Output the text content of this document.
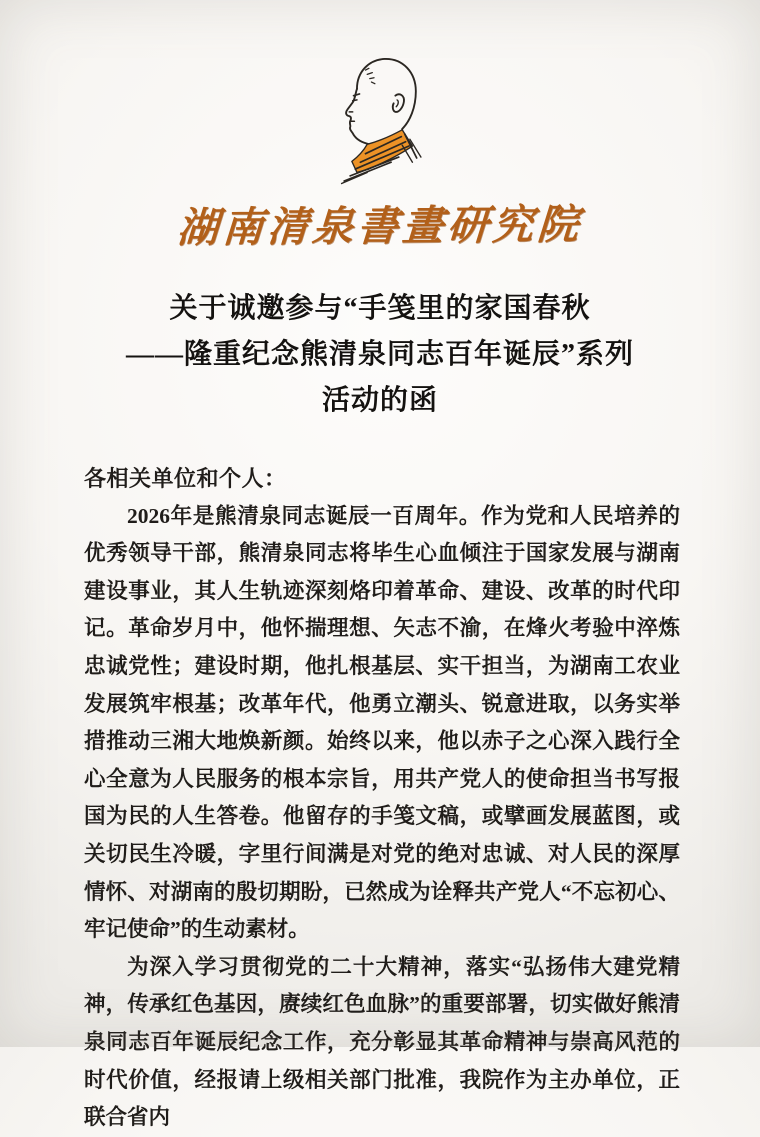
湖南清泉書畫研究院
关于诚邀参与“手笺里的家国春秋
——隆重纪念熊清泉同志百年诞辰”系列
活动的函
各相关单位和个人：

2026年是熊清泉同志诞辰一百周年。作为党和人民培养的优秀领导干部，熊清泉同志将毕生心血倾注于国家发展与湖南建设事业，其人生轨迹深刻烙印着革命、建设、改革的时代印记。革命岁月中，他怀揣理想、矢志不渝，在烽火考验中淬炼忠诚党性；建设时期，他扎根基层、实干担当，为湖南工农业发展筑牢根基；改革年代，他勇立潮头、锐意进取，以务实举措推动三湘大地焕新颜。始终以来，他以赤子之心深入践行全心全意为人民服务的根本宗旨，用共产党人的使命担当书写报国为民的人生答卷。他留存的手笺文稿，或擘画发展蓝图，或关切民生冷暖，字里行间满是对党的绝对忠诚、对人民的深厚情怀、对湖南的殷切期盼，已然成为诠释共产党人“不忘初心、牢记使命”的生动素材。

为深入学习贯彻党的二十大精神，落实“弘扬伟大建党精神，传承红色基因，赓续红色血脉”的重要部署，切实做好熊清泉同志百年诞辰纪念工作，充分彰显其革命精神与崇高风范的时代价值，经报请上级相关部门批准，我院作为主办单位，正联合省内
